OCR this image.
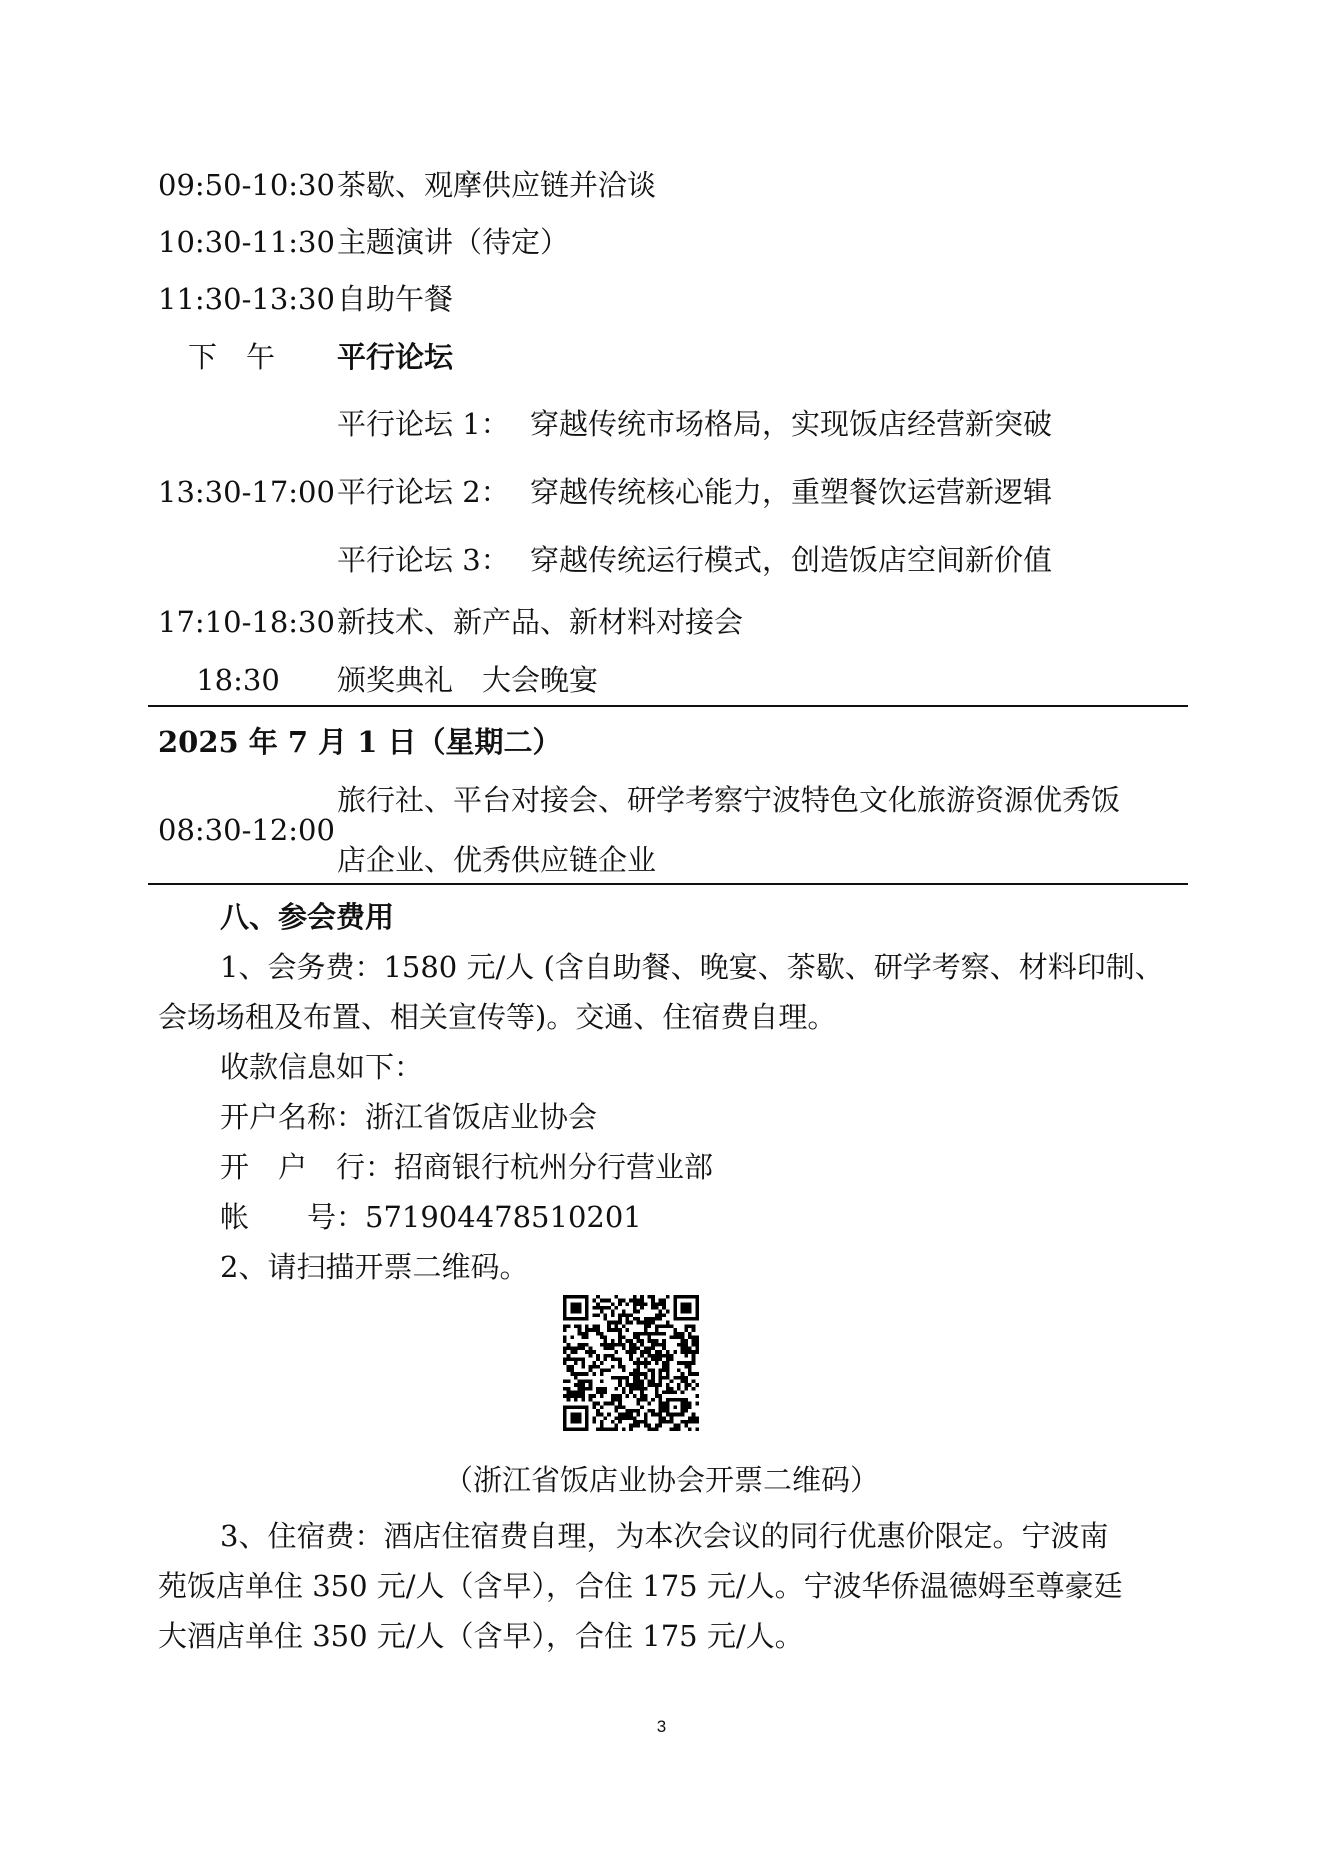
09:50-10:30 茶歇、观摩供应链并洽谈
10:30-11:30 主题演讲（待定）
11:30-13:30 自助午餐
下　午	平行论坛
平行论坛 1： 穿越传统市场格局，实现饭店经营新突破
13:30-17:00 平行论坛 2： 穿越传统核心能力，重塑餐饮运营新逻辑
平行论坛 3： 穿越传统运行模式，创造饭店空间新价值
17:10-18:30 新技术、新产品、新材料对接会
18:30	颁奖典礼　大会晚宴
2025 年 7 月 1 日（星期二）
旅行社、平台对接会、研学考察宁波特色文化旅游资源优秀饭
08:30-12:00
店企业、优秀供应链企业
八、参会费用
1、会务费：1580 元/人 (含自助餐、晚宴、茶歇、研学考察、材料印制、
会场场租及布置、相关宣传等)。交通、住宿费自理。
收款信息如下：
开户名称：浙江省饭店业协会
开　户　行：招商银行杭州分行营业部
帐　　号：571904478510201
2、请扫描开票二维码。
（浙江省饭店业协会开票二维码）
3、住宿费：酒店住宿费自理，为本次会议的同行优惠价限定。宁波南
苑饭店单住 350 元/人（含早），合住 175 元/人。宁波华侨温德姆至尊豪廷
大酒店单住 350 元/人（含早），合住 175 元/人。
3
